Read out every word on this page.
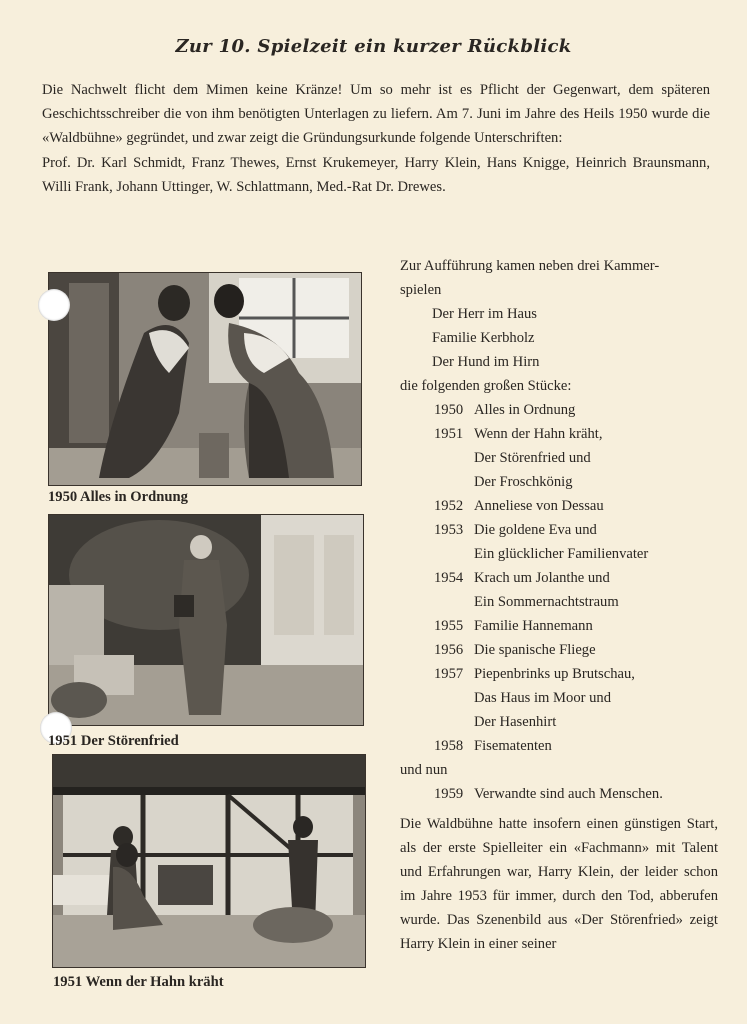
Zur 10. Spielzeit ein kurzer Rückblick

Die Nachwelt flicht dem Mimen keine Kränze! Um so mehr ist es Pflicht der Gegenwart, dem späteren Geschichtsschreiber die von ihm benötigten Unterlagen zu liefern. Am 7. Juni im Jahre des Heils 1950 wurde die «Waldbühne» gegründet, und zwar zeigt die Gründungsurkunde folgende Unterschriften:

Prof. Dr. Karl Schmidt, Franz Thewes, Ernst Krukemeyer, Harry Klein, Hans Knigge, Heinrich Braunsmann, Willi Frank, Johann Uttinger, W. Schlattmann, Med.-Rat Dr. Drewes.

1950 Alles in Ordnung
1951 Der Störenfried
1951 Wenn der Hahn kräht
Zur Aufführung kamen neben drei Kammer-
spielen
Der Herr im Haus
Familie Kerbholz
Der Hund im Hirn
die folgenden großen Stücke:
1950 Alles in Ordnung
1951 Wenn der Hahn kräht,
Der Störenfried und
Der Froschkönig
1952 Anneliese von Dessau
1953 Die goldene Eva und
Ein glücklicher Familienvater
1954 Krach um Jolanthe und
Ein Sommernachtstraum
1955 Familie Hannemann
1956 Die spanische Fliege
1957 Piepenbrinks up Brutschau,
Das Haus im Moor und
Der Hasenhirt
1958 Fisematenten
und nun
1959 Verwandte sind auch Menschen.
Die Waldbühne hatte insofern einen günstigen Start, als der erste Spielleiter ein «Fachmann» mit Talent und Erfahrungen war, Harry Klein, der leider schon im Jahre 1953 für immer, durch den Tod, abberufen wurde. Das Szenenbild aus «Der Störenfried» zeigt Harry Klein in einer seiner
